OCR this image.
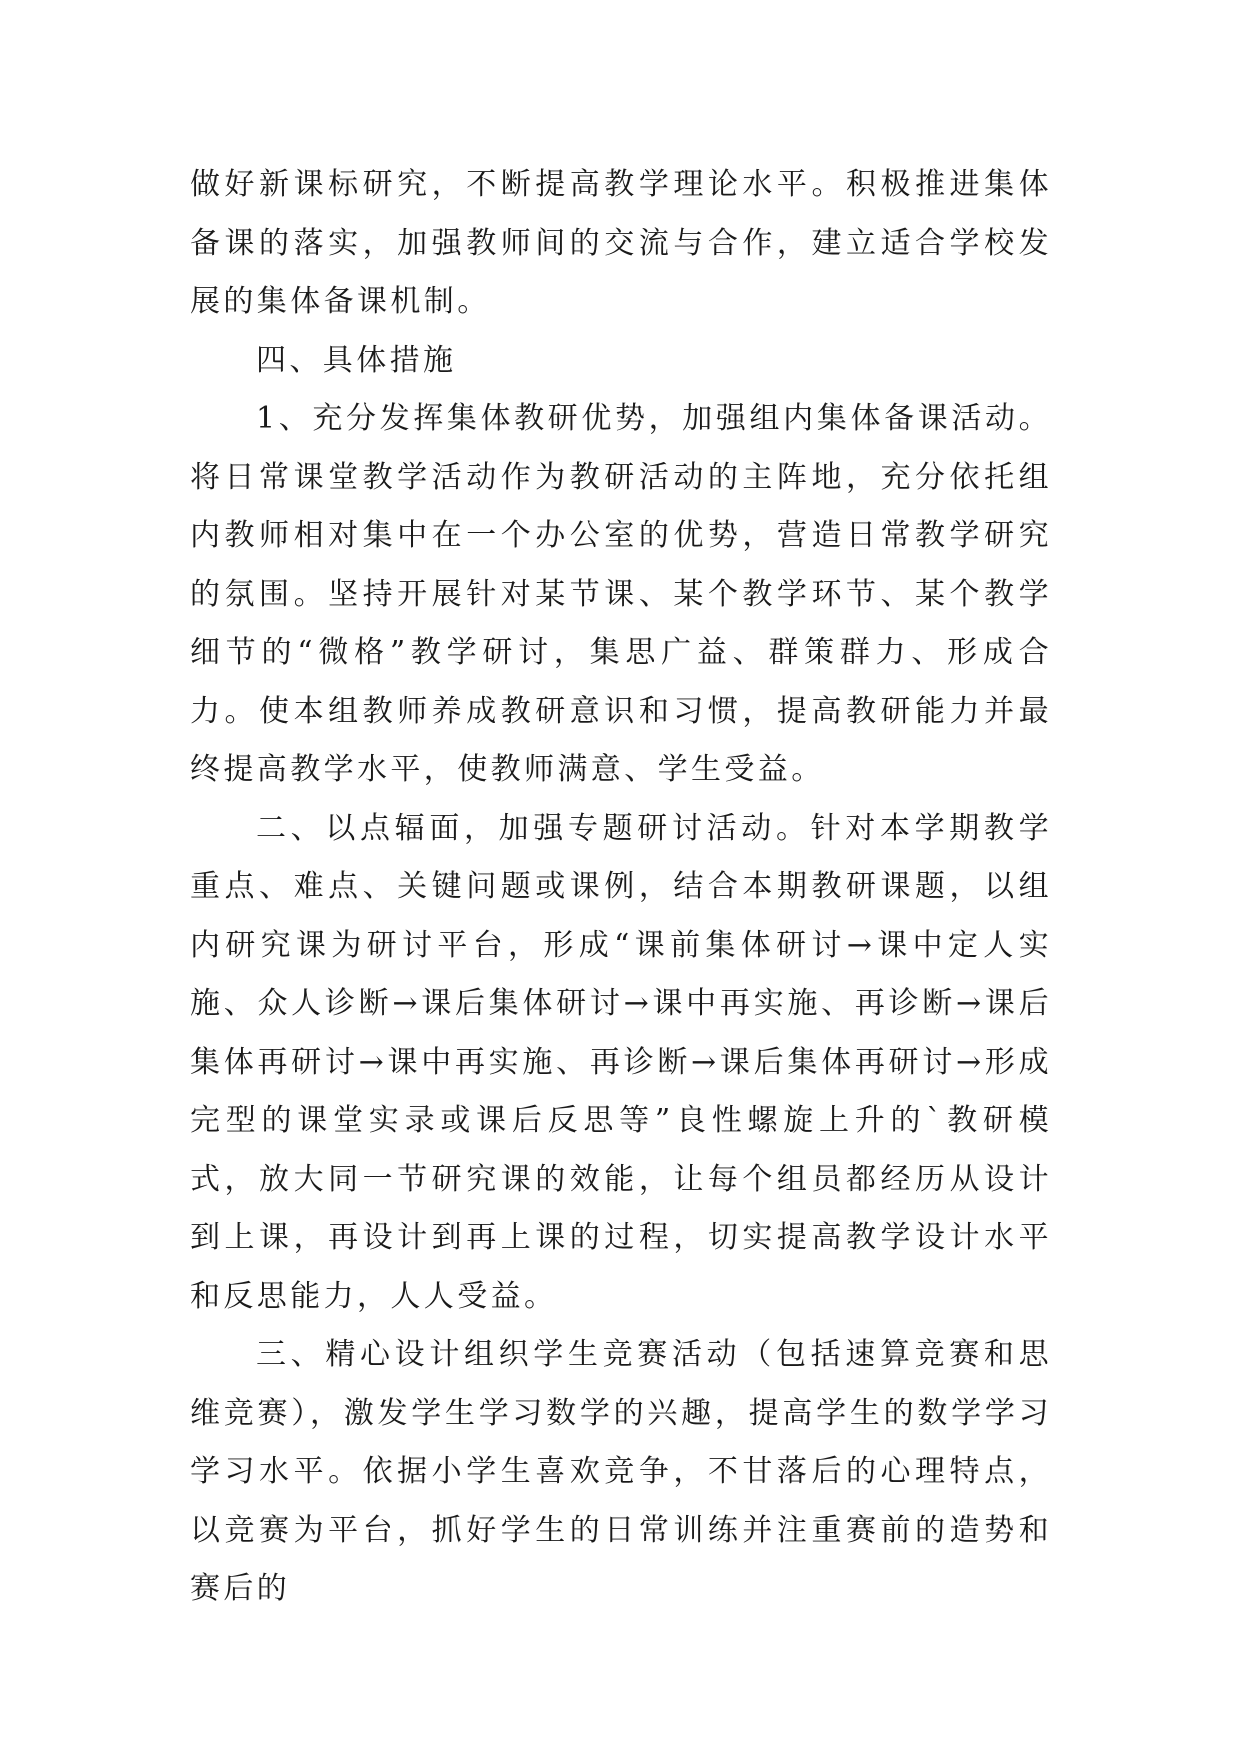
做好新课标研究，不断提高教学理论水平。积极推进集体备课的落实，加强教师间的交流与合作，建立适合学校发展的集体备课机制。

四、具体措施

1、充分发挥集体教研优势，加强组内集体备课活动。将日常课堂教学活动作为教研活动的主阵地，充分依托组内教师相对集中在一个办公室的优势，营造日常教学研究的氛围。坚持开展针对某节课、某个教学环节、某个教学细节的“微格”教学研讨，集思广益、群策群力、形成合力。使本组教师养成教研意识和习惯，提高教研能力并最终提高教学水平，使教师满意、学生受益。

二、以点辐面，加强专题研讨活动。针对本学期教学重点、难点、关键问题或课例，结合本期教研课题，以组内研究课为研讨平台，形成“课前集体研讨→课中定人实施、众人诊断→课后集体研讨→课中再实施、再诊断→课后集体再研讨→课中再实施、再诊断→课后集体再研讨→形成完型的课堂实录或课后反思等”良性螺旋上升的`教研模式，放大同一节研究课的效能，让每个组员都经历从设计到上课，再设计到再上课的过程，切实提高教学设计水平和反思能力，人人受益。

三、精心设计组织学生竞赛活动（包括速算竞赛和思维竞赛），激发学生学习数学的兴趣，提高学生的数学学习学习水平。依据小学生喜欢竞争，不甘落后的心理特点，以竞赛为平台，抓好学生的日常训练并注重赛前的造势和赛后的
